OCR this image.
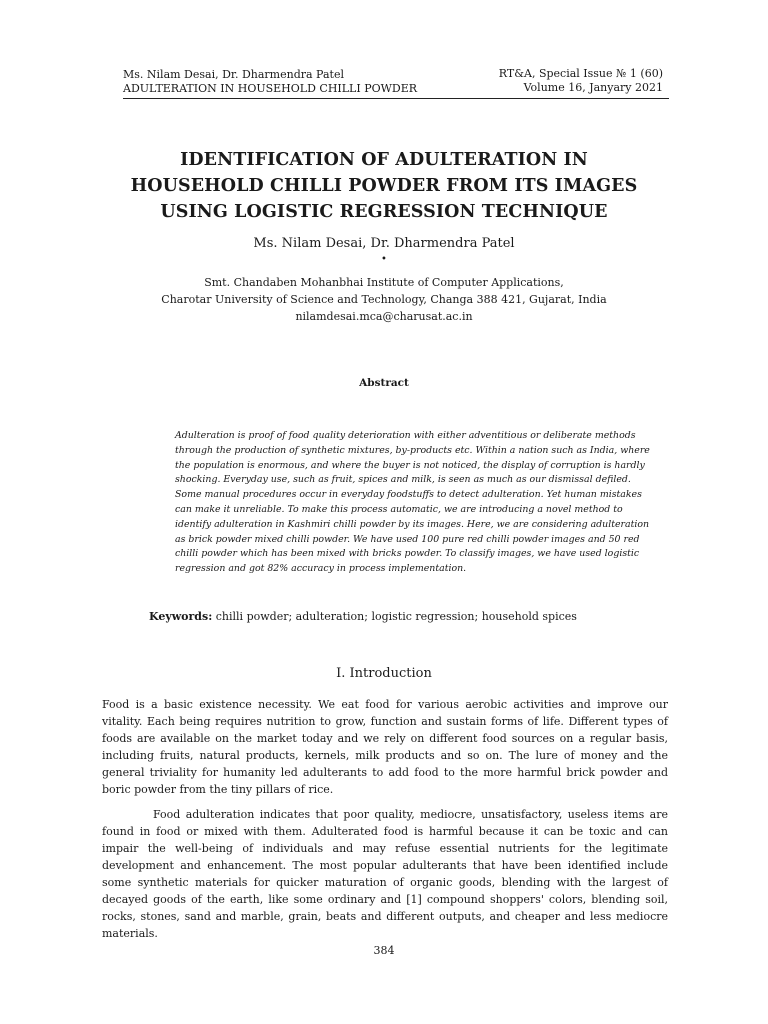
Ms. Nilam Desai, Dr. Dharmendra Patel
ADULTERATION IN HOUSEHOLD CHILLI POWDER
RT&A, Special Issue № 1 (60)
Volume 16, Janyary 2021
IDENTIFICATION OF ADULTERATION IN
HOUSEHOLD CHILLI POWDER FROM ITS IMAGES
USING LOGISTIC REGRESSION TECHNIQUE
Ms. Nilam Desai, Dr. Dharmendra Patel
•
Smt. Chandaben Mohanbhai Institute of Computer Applications,
Charotar University of Science and Technology, Changa 388 421, Gujarat, India
nilamdesai.mca@charusat.ac.in
Abstract
Adulteration is proof of food quality deterioration with either adventitious or deliberate methods
through the production of synthetic mixtures, by-products etc. Within a nation such as India, where
the population is enormous, and where the buyer is not noticed, the display of corruption is hardly
shocking. Everyday use, such as fruit, spices and milk, is seen as much as our dismissal defiled.
Some manual procedures occur in everyday foodstuffs to detect adulteration. Yet human mistakes
can make it unreliable. To make this process automatic, we are introducing a novel method to
identify adulteration in Kashmiri chilli powder by its images. Here, we are considering adulteration
as brick powder mixed chilli powder. We have used 100 pure red chilli powder images and 50 red
chilli powder which has been mixed with bricks powder. To classify images, we have used logistic
regression and got 82% accuracy in process implementation.
Keywords: chilli powder; adulteration; logistic regression; household spices
I. Introduction
Food is a basic existence necessity. We eat food for various aerobic activities and improve our
vitality. Each being requires nutrition to grow, function and sustain forms of life. Different types of
foods are available on the market today and we rely on different food sources on a regular basis,
including fruits, natural products, kernels, milk products and so on. The lure of money and the
general triviality for humanity led adulterants to add food to the more harmful brick powder and
boric powder from the tiny pillars of rice.
Food adulteration indicates that poor quality, mediocre, unsatisfactory, useless items are
found in food or mixed with them. Adulterated food is harmful because it can be toxic and can
impair the well-being of individuals and may refuse essential nutrients for the legitimate
development and enhancement. The most popular adulterants that have been identified include
some synthetic materials for quicker maturation of organic goods, blending with the largest of
decayed goods of the earth, like some ordinary and [1] compound shoppers' colors, blending soil,
rocks, stones, sand and marble, grain, beats and different outputs, and cheaper and less mediocre
materials.
384
